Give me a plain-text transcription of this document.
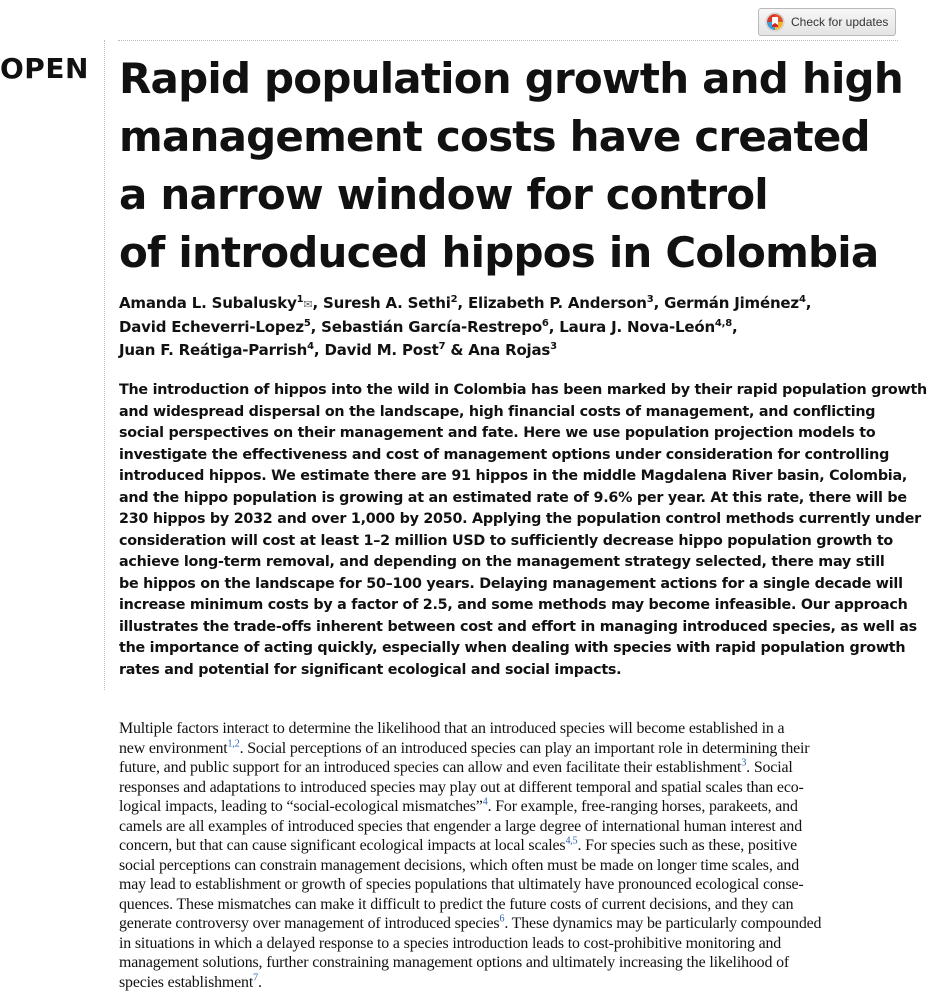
Check for updates
OPEN Rapid population growth and high
management costs have created
a narrow window for control
of introduced hippos in Colombia

Amanda L. Subalusky$^1$✉, Suresh A. Sethi$^2$, Elizabeth P. Anderson$^3$, Germán Jiménez$^4$,
David Echeverri-Lopez$^5$, Sebastián García-Restrepo$^6$, Laura J. Nova-León$^{4,8}$,
Juan F. Reátiga-Parrish$^4$, David M. Post$^7$ & Ana Rojas$^3$

The introduction of hippos into the wild in Colombia has been marked by their rapid population growth
and widespread dispersal on the landscape, high financial costs of management, and conflicting
social perspectives on their management and fate. Here we use population projection models to
investigate the effectiveness and cost of management options under consideration for controlling
introduced hippos. We estimate there are 91 hippos in the middle Magdalena River basin, Colombia,
and the hippo population is growing at an estimated rate of 9.6% per year. At this rate, there will be
230 hippos by 2032 and over 1,000 by 2050. Applying the population control methods currently under
consideration will cost at least 1–2 million USD to sufficiently decrease hippo population growth to
achieve long-term removal, and depending on the management strategy selected, there may still
be hippos on the landscape for 50–100 years. Delaying management actions for a single decade will
increase minimum costs by a factor of 2.5, and some methods may become infeasible. Our approach
illustrates the trade-offs inherent between cost and effort in managing introduced species, as well as
the importance of acting quickly, especially when dealing with species with rapid population growth
rates and potential for significant ecological and social impacts.

Multiple factors interact to determine the likelihood that an introduced species will become established in a
new environment$^{1,2}$. Social perceptions of an introduced species can play an important role in determining their
future, and public support for an introduced species can allow and even facilitate their establishment$^3$. Social
responses and adaptations to introduced species may play out at different temporal and spatial scales than eco-
logical impacts, leading to “social-ecological mismatches”$^4$. For example, free-ranging horses, parakeets, and
camels are all examples of introduced species that engender a large degree of international human interest and
concern, but that can cause significant ecological impacts at local scales$^{4,5}$. For species such as these, positive
social perceptions can constrain management decisions, which often must be made on longer time scales, and
may lead to establishment or growth of species populations that ultimately have pronounced ecological conse-
quences. These mismatches can make it difficult to predict the future costs of current decisions, and they can
generate controversy over management of introduced species$^6$. These dynamics may be particularly compounded
in situations in which a delayed response to a species introduction leads to cost-prohibitive monitoring and
management solutions, further constraining management options and ultimately increasing the likelihood of
species establishment$^7$.
